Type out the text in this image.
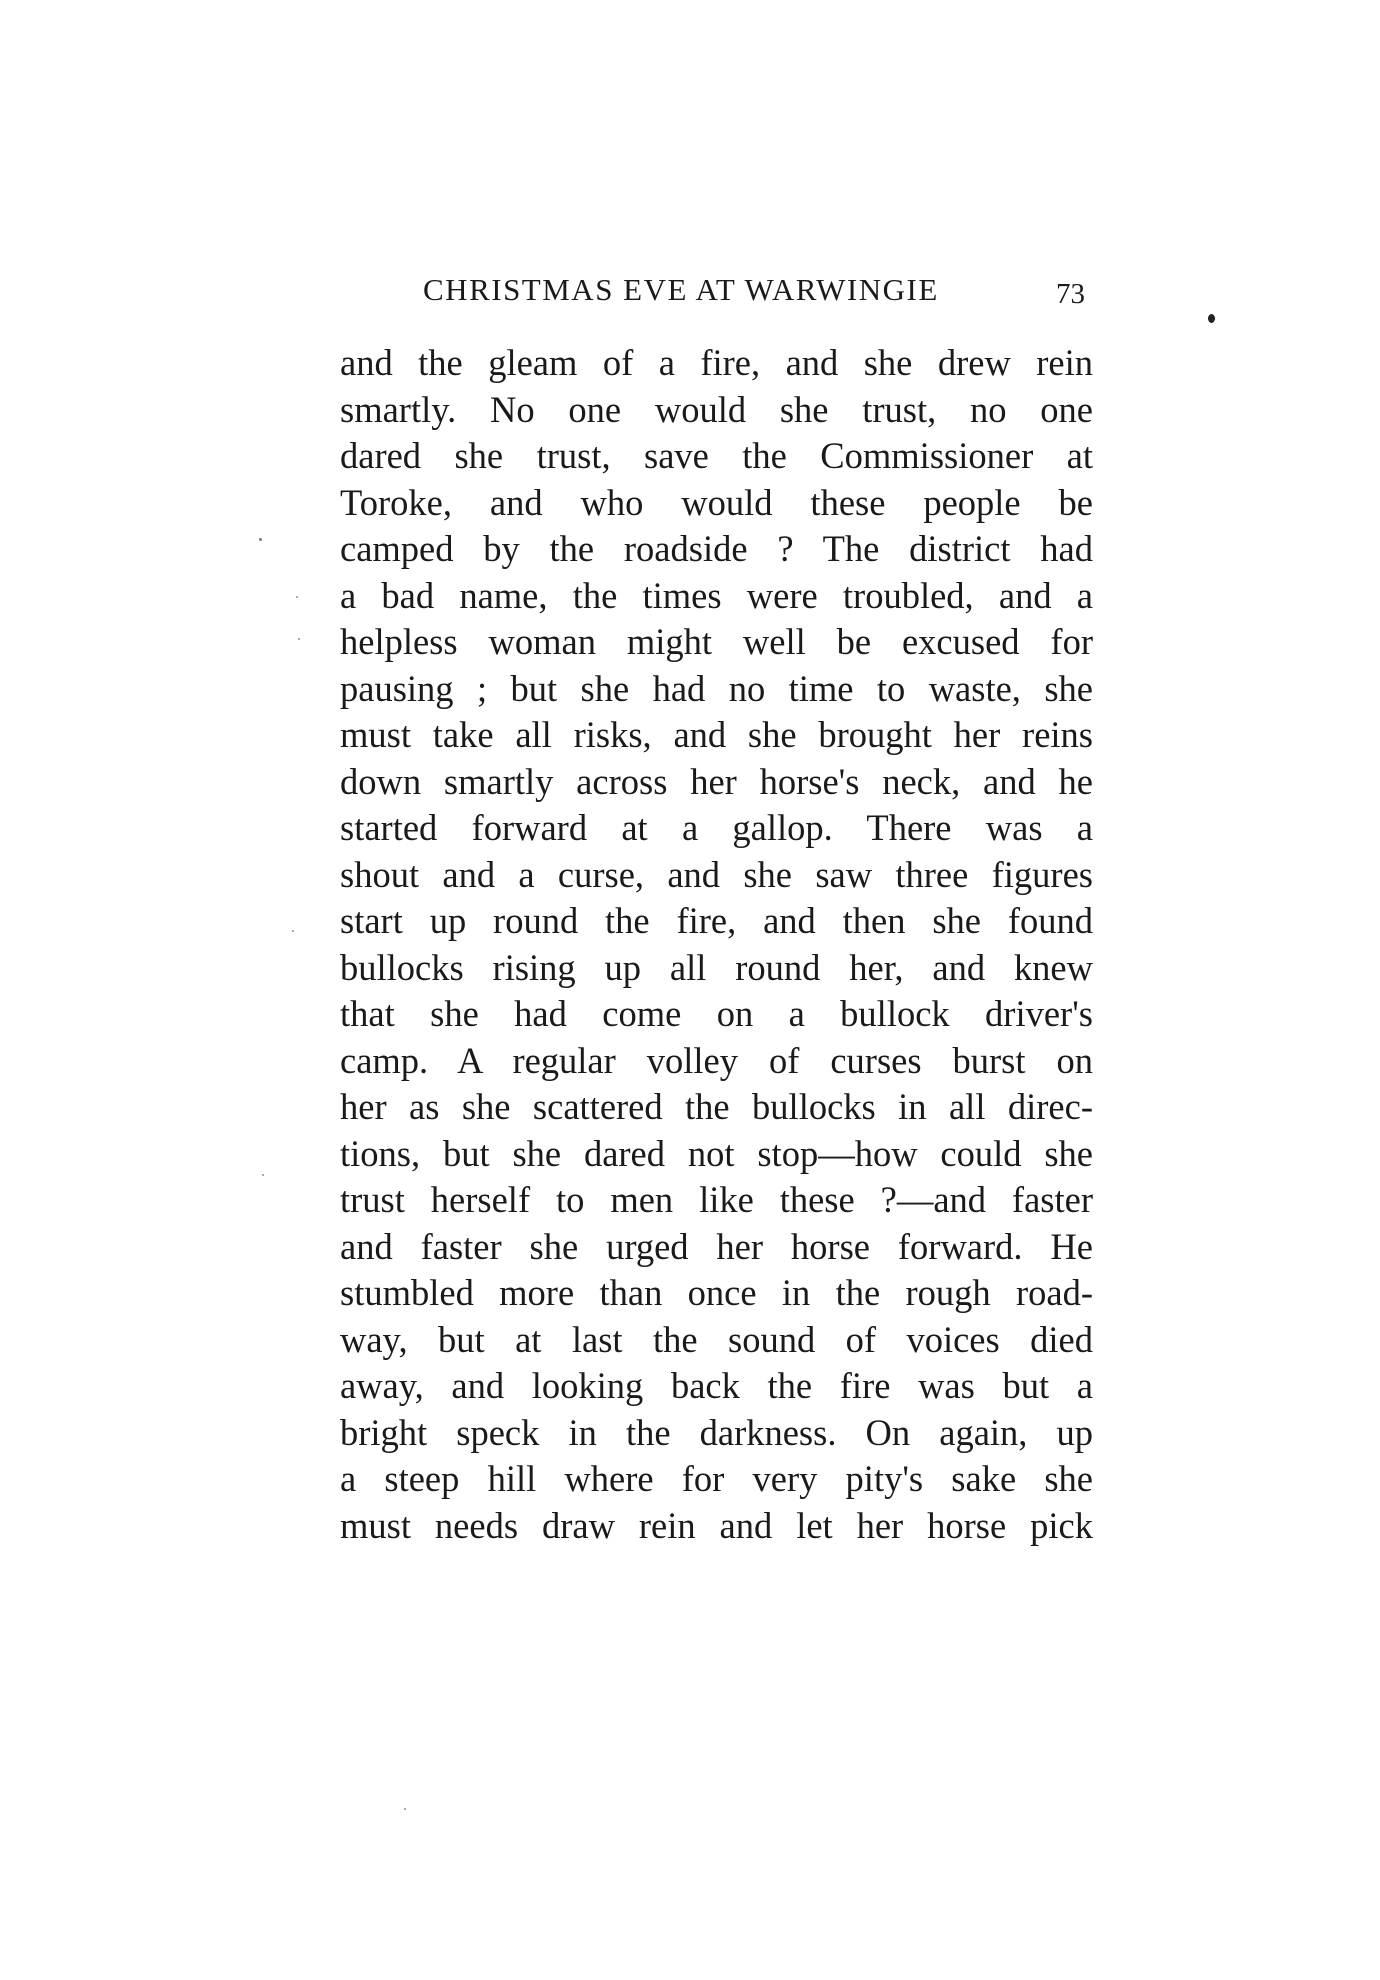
CHRISTMAS EVE AT WARWINGIE	73
and the gleam of a fire, and she drew rein
smartly. No one would she trust, no one
dared she trust, save the Commissioner at
Toroke, and who would these people be
camped by the roadside ? The district had
a bad name, the times were troubled, and a
helpless woman might well be excused for
pausing ; but she had no time to waste, she
must take all risks, and she brought her reins
down smartly across her horse's neck, and he
started forward at a gallop. There was a
shout and a curse, and she saw three figures
start up round the fire, and then she found
bullocks rising up all round her, and knew
that she had come on a bullock driver's
camp. A regular volley of curses burst on
her as she scattered the bullocks in all direc-
tions, but she dared not stop—how could she
trust herself to men like these ?—and faster
and faster she urged her horse forward. He
stumbled more than once in the rough road-
way, but at last the sound of voices died
away, and looking back the fire was but a
bright speck in the darkness. On again, up
a steep hill where for very pity's sake she
must needs draw rein and let her horse pick
